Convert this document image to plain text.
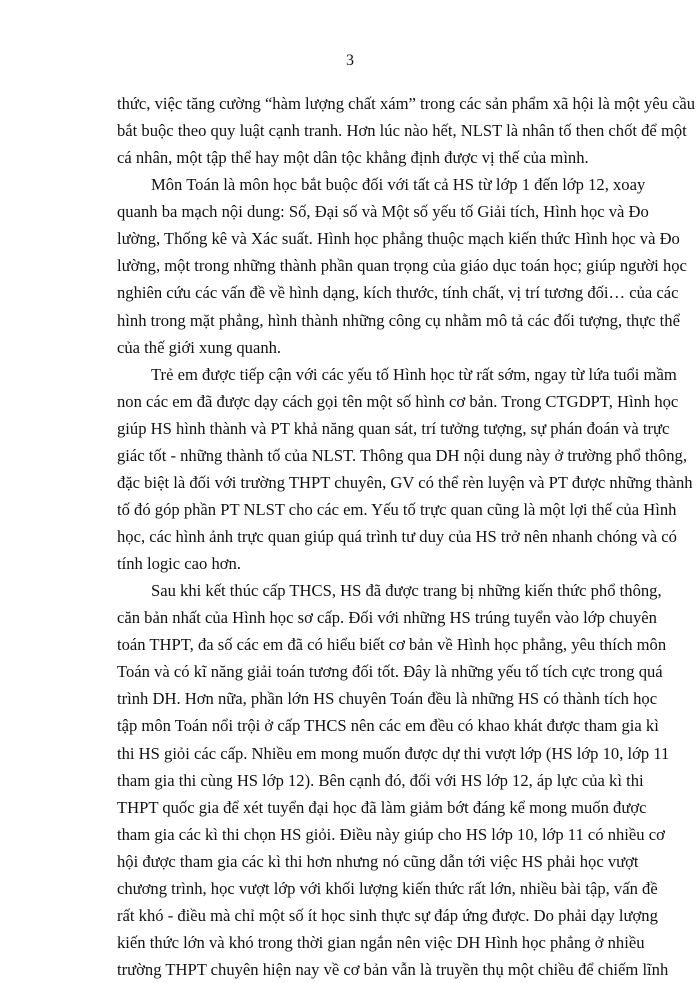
3
thức, việc tăng cường “hàm lượng chất xám” trong các sản phẩm xã hội là một yêu cầu
bắt buộc theo quy luật cạnh tranh. Hơn lúc nào hết, NLST là nhân tố then chốt để một
cá nhân, một tập thể hay một dân tộc khẳng định được vị thế của mình.
Môn Toán là môn học bắt buộc đối với tất cả HS từ lớp 1 đến lớp 12, xoay
quanh ba mạch nội dung: Số, Đại số và Một số yếu tố Giải tích, Hình học và Đo
lường, Thống kê và Xác suất. Hình học phẳng thuộc mạch kiến thức Hình học và Đo
lường, một trong những thành phần quan trọng của giáo dục toán học; giúp người học
nghiên cứu các vấn đề về hình dạng, kích thước, tính chất, vị trí tương đối… của các
hình trong mặt phẳng, hình thành những công cụ nhằm mô tả các đối tượng, thực thể
của thế giới xung quanh.
Trẻ em được tiếp cận với các yếu tố Hình học từ rất sớm, ngay từ lứa tuổi mầm
non các em đã được dạy cách gọi tên một số hình cơ bản. Trong CTGDPT, Hình học
giúp HS hình thành và PT khả năng quan sát, trí tưởng tượng, sự phán đoán và trực
giác tốt - những thành tố của NLST. Thông qua DH nội dung này ở trường phổ thông,
đặc biệt là đối với trường THPT chuyên, GV có thể rèn luyện và PT được những thành
tố đó góp phần PT NLST cho các em. Yếu tố trực quan cũng là một lợi thế của Hình
học, các hình ảnh trực quan giúp quá trình tư duy của HS trở nên nhanh chóng và có
tính logic cao hơn.
Sau khi kết thúc cấp THCS, HS đã được trang bị những kiến thức phổ thông,
căn bản nhất của Hình học sơ cấp. Đối với những HS trúng tuyển vào lớp chuyên
toán THPT, đa số các em đã có hiểu biết cơ bản về Hình học phẳng, yêu thích môn
Toán và có kĩ năng giải toán tương đối tốt. Đây là những yếu tố tích cực trong quá
trình DH. Hơn nữa, phần lớn HS chuyên Toán đều là những HS có thành tích học
tập môn Toán nổi trội ở cấp THCS nên các em đều có khao khát được tham gia kì
thi HS giỏi các cấp. Nhiều em mong muốn được dự thi vượt lớp (HS lớp 10, lớp 11
tham gia thi cùng HS lớp 12). Bên cạnh đó, đối với HS lớp 12, áp lực của kì thi
THPT quốc gia để xét tuyển đại học đã làm giảm bớt đáng kể mong muốn được
tham gia các kì thi chọn HS giỏi. Điều này giúp cho HS lớp 10, lớp 11 có nhiều cơ
hội được tham gia các kì thi hơn nhưng nó cũng dẫn tới việc HS phải học vượt
chương trình, học vượt lớp với khối lượng kiến thức rất lớn, nhiều bài tập, vấn đề
rất khó - điều mà chỉ một số ít học sinh thực sự đáp ứng được. Do phải dạy lượng
kiến thức lớn và khó trong thời gian ngắn nên việc DH Hình học phẳng ở nhiều
trường THPT chuyên hiện nay về cơ bản vẫn là truyền thụ một chiều để chiếm lĩnh
